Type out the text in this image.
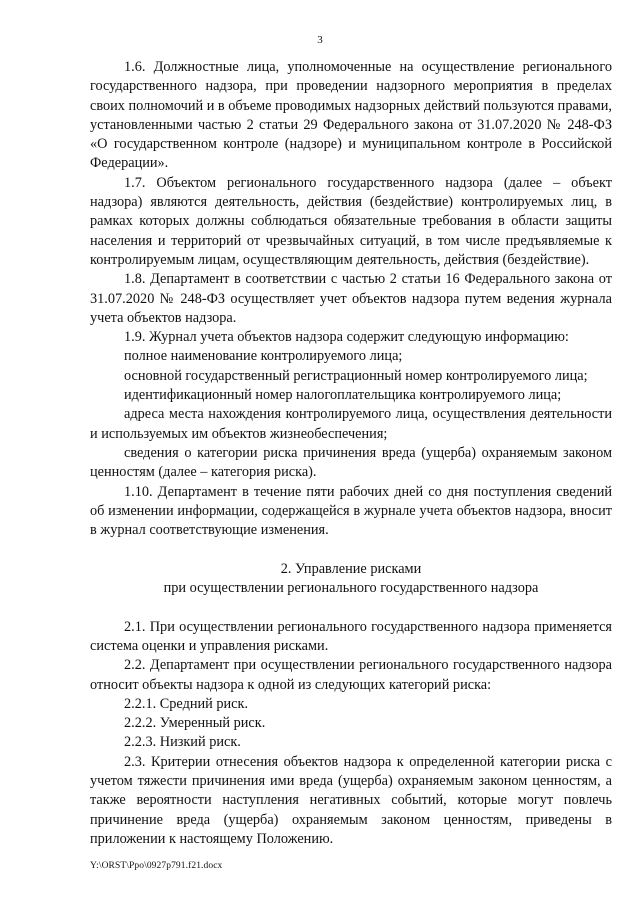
3

1.6. Должностные лица, уполномоченные на осуществление регионального государственного надзора, при проведении надзорного мероприятия в пределах своих полномочий и в объеме проводимых надзорных действий пользуются правами, установленными частью 2 статьи 29 Федерального закона от 31.07.2020 № 248-ФЗ «О государственном контроле (надзоре) и муниципальном контроле в Российской Федерации».

1.7. Объектом регионального государственного надзора (далее – объект надзора) являются деятельность, действия (бездействие) контролируемых лиц, в рамках которых должны соблюдаться обязательные требования в области защиты населения и территорий от чрезвычайных ситуаций, в том числе предъявляемые к контролируемым лицам, осуществляющим деятельность, действия (бездействие).

1.8. Департамент в соответствии с частью 2 статьи 16 Федерального закона от 31.07.2020 № 248-ФЗ осуществляет учет объектов надзора путем ведения журнала учета объектов надзора.

1.9. Журнал учета объектов надзора содержит следующую информацию:

полное наименование контролируемого лица;

основной государственный регистрационный номер контролируемого лица;

идентификационный номер налогоплательщика контролируемого лица;

адреса места нахождения контролируемого лица, осуществления деятельности и используемых им объектов жизнеобеспечения;

сведения о категории риска причинения вреда (ущерба) охраняемым законом ценностям (далее – категория риска).

1.10. Департамент в течение пяти рабочих дней со дня поступления сведений об изменении информации, содержащейся в журнале учета объектов надзора, вносит в журнал соответствующие изменения.

2. Управление рисками

при осуществлении регионального государственного надзора

2.1. При осуществлении регионального государственного надзора применяется система оценки и управления рисками.

2.2. Департамент при осуществлении регионального государственного надзора относит объекты надзора к одной из следующих категорий риска:

2.2.1. Средний риск.

2.2.2. Умеренный риск.

2.2.3. Низкий риск.

2.3. Критерии отнесения объектов надзора к определенной категории риска с учетом тяжести причинения ими вреда (ущерба) охраняемым законом ценностям, а также вероятности наступления негативных событий, которые могут повлечь причинение вреда (ущерба) охраняемым законом ценностям, приведены в приложении к настоящему Положению.

Y:\ORST\Ppo\0927p791.f21.docx
